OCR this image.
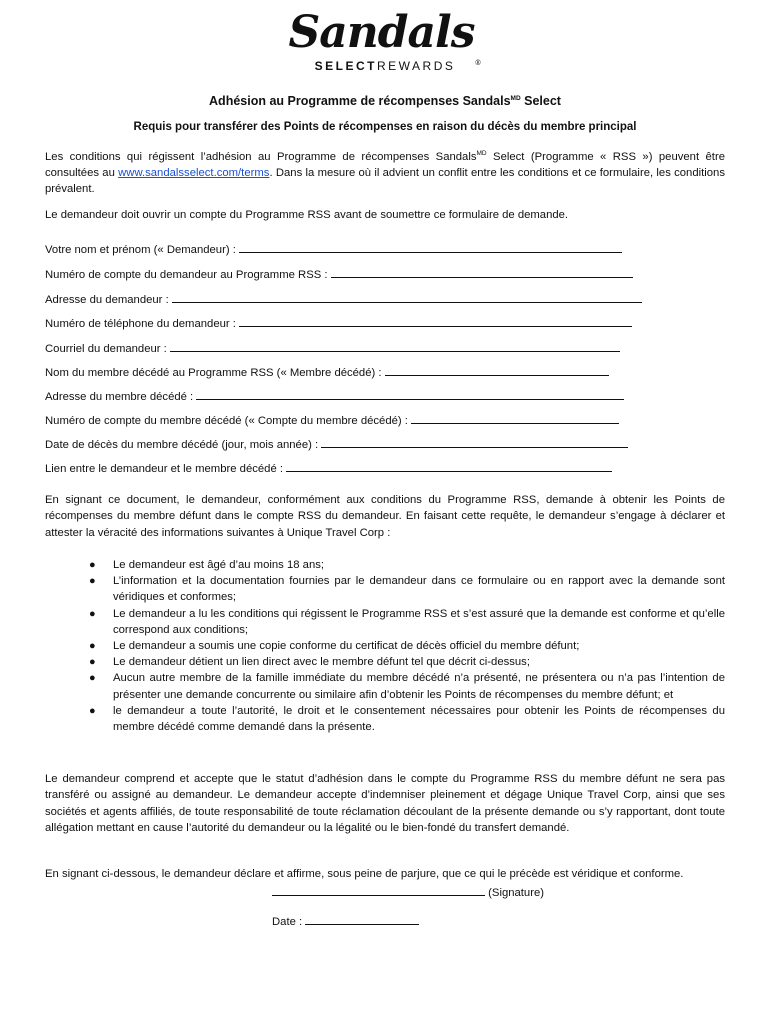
Sandals®
SELECTREWARDS
Adhésion au Programme de récompenses Sandals$^{MD}$ Select
Requis pour transférer des Points de récompenses en raison du décès du membre principal
Les conditions qui régissent l’adhésion au Programme de récompenses Sandals$^{MD}$ Select (Programme « RSS ») peuvent être consultées au www.sandalsselect.com/terms. Dans la mesure où il advient un conflit entre les conditions et ce formulaire, les conditions prévalent.
Le demandeur doit ouvrir un compte du Programme RSS avant de soumettre ce formulaire de demande.
Votre nom et prénom (« Demandeur) :
Numéro de compte du demandeur au Programme RSS :
Adresse du demandeur :
Numéro de téléphone du demandeur :
Courriel du demandeur :
Nom du membre décédé au Programme RSS (« Membre décédé) :
Adresse du membre décédé :
Numéro de compte du membre décédé (« Compte du membre décédé) :
Date de décès du membre décédé (jour, mois année) :
Lien entre le demandeur et le membre décédé :
En signant ce document, le demandeur, conformément aux conditions du Programme RSS, demande à obtenir les Points de récompenses du membre défunt dans le compte RSS du demandeur. En faisant cette requête, le demandeur s’engage à déclarer et attester la véracité des informations suivantes à Unique Travel Corp :
● Le demandeur est âgé d’au moins 18 ans;
● L’information et la documentation fournies par le demandeur dans ce formulaire ou en rapport avec la demande sont véridiques et conformes;
● Le demandeur a lu les conditions qui régissent le Programme RSS et s’est assuré que la demande est conforme et qu’elle correspond aux conditions;
● Le demandeur a soumis une copie conforme du certificat de décès officiel du membre défunt;
● Le demandeur détient un lien direct avec le membre défunt tel que décrit ci-dessus;
● Aucun autre membre de la famille immédiate du membre décédé n’a présenté, ne présentera ou n’a pas l’intention de présenter une demande concurrente ou similaire afin d’obtenir les Points de récompenses du membre défunt; et
● le demandeur a toute l’autorité, le droit et le consentement nécessaires pour obtenir les Points de récompenses du membre décédé comme demandé dans la présente.
Le demandeur comprend et accepte que le statut d’adhésion dans le compte du Programme RSS du membre défunt ne sera pas transféré ou assigné au demandeur. Le demandeur accepte d’indemniser pleinement et dégage Unique Travel Corp, ainsi que ses sociétés et agents affiliés, de toute responsabilité de toute réclamation découlant de la présente demande ou s’y rapportant, dont toute allégation mettant en cause l’autorité du demandeur ou la légalité ou le bien-fondé du transfert demandé.
En signant ci-dessous, le demandeur déclare et affirme, sous peine de parjure, que ce qui le précède est véridique et conforme.
(Signature)
Date :
